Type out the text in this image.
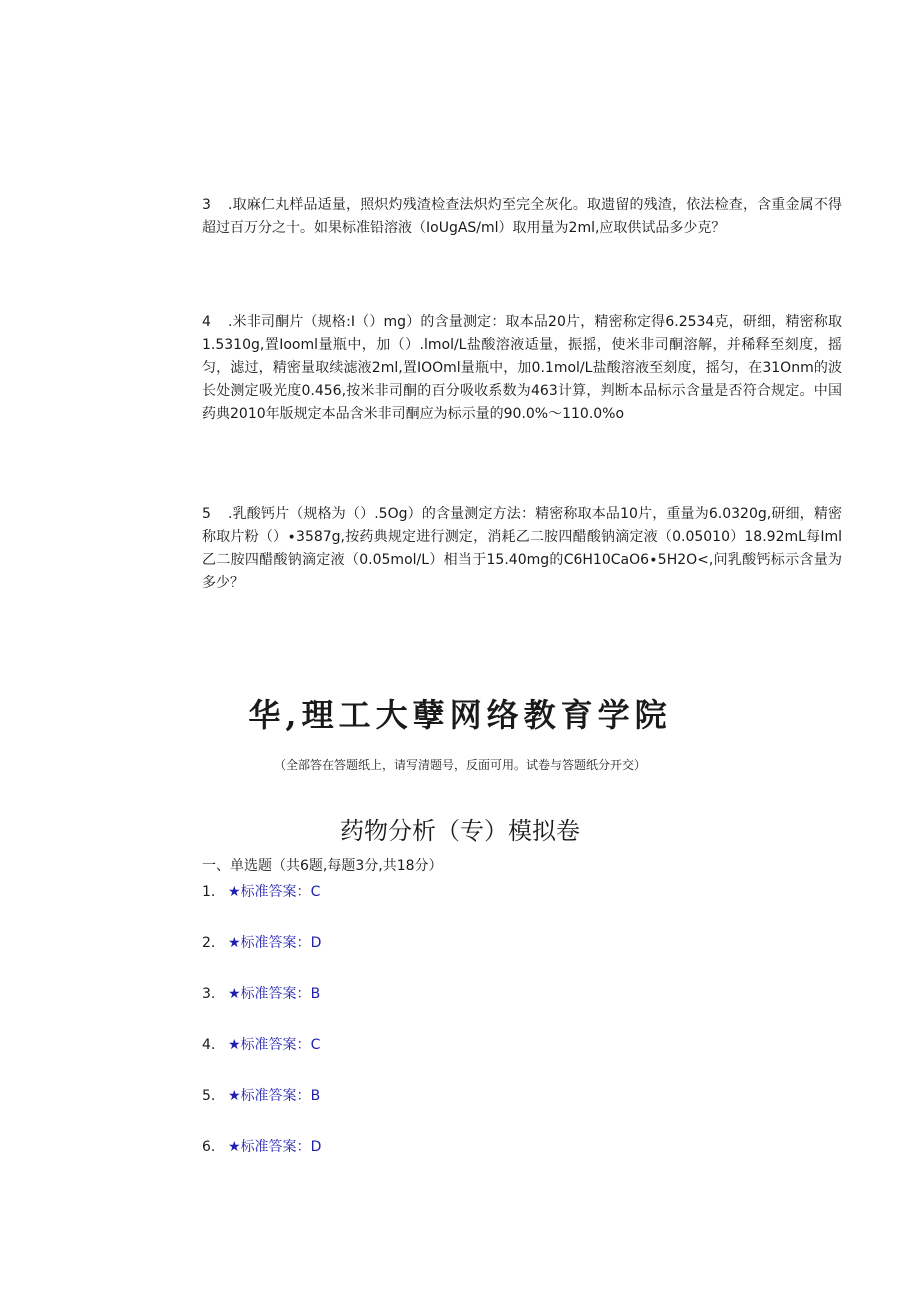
3 .取麻仁丸样品适量，照炽灼残渣检查法炽灼至完全灰化。取遗留的残渣，依法检查，含重金属不得超过百万分之十。如果标准铅溶液（IoUgAS/ml）取用量为2ml,应取供试品多少克？

4 .米非司酮片（规格:I（）mg）的含量测定：取本品20片，精密称定得6.2534克，研细，精密称取1.5310g,置Iooml量瓶中，加（）.lmol∕L盐酸溶液适量，振摇，使米非司酮溶解，并稀释至刻度，摇匀，滤过，精密量取续滤液2ml,置IOOml量瓶中，加0.1mol∕L盐酸溶液至刻度，摇匀，在31Onm的波长处测定吸光度0.456,按米非司酮的百分吸收系数为463计算，判断本品标示含量是否符合规定。中国药典2010年版规定本品含米非司酮应为标示量的90.0%～110.0%o

5 .乳酸钙片（规格为（）.5Og）的含量测定方法：精密称取本品10片，重量为6.0320g,研细，精密称取片粉（）∙3587g,按药典规定进行测定，消耗乙二胺四醋酸钠滴定液（0.05010）18.92mL每Iml乙二胺四醋酸钠滴定液（0.05mol∕L）相当于15.40mg的C6H10CaO6∙5H2O<,问乳酸钙标示含量为多少？

华,理工大孽网络教育学院
（全部答在答题纸上，请写清题号，反面可用。试卷与答题纸分开交）
药物分析（专）模拟卷
一、单选题（共6题,每题3分,共18分）
1. ★标准答案：C
2. ★标准答案：D
3. ★标准答案：B
4. ★标准答案：C
5. ★标准答案：B
6. ★标准答案：D
